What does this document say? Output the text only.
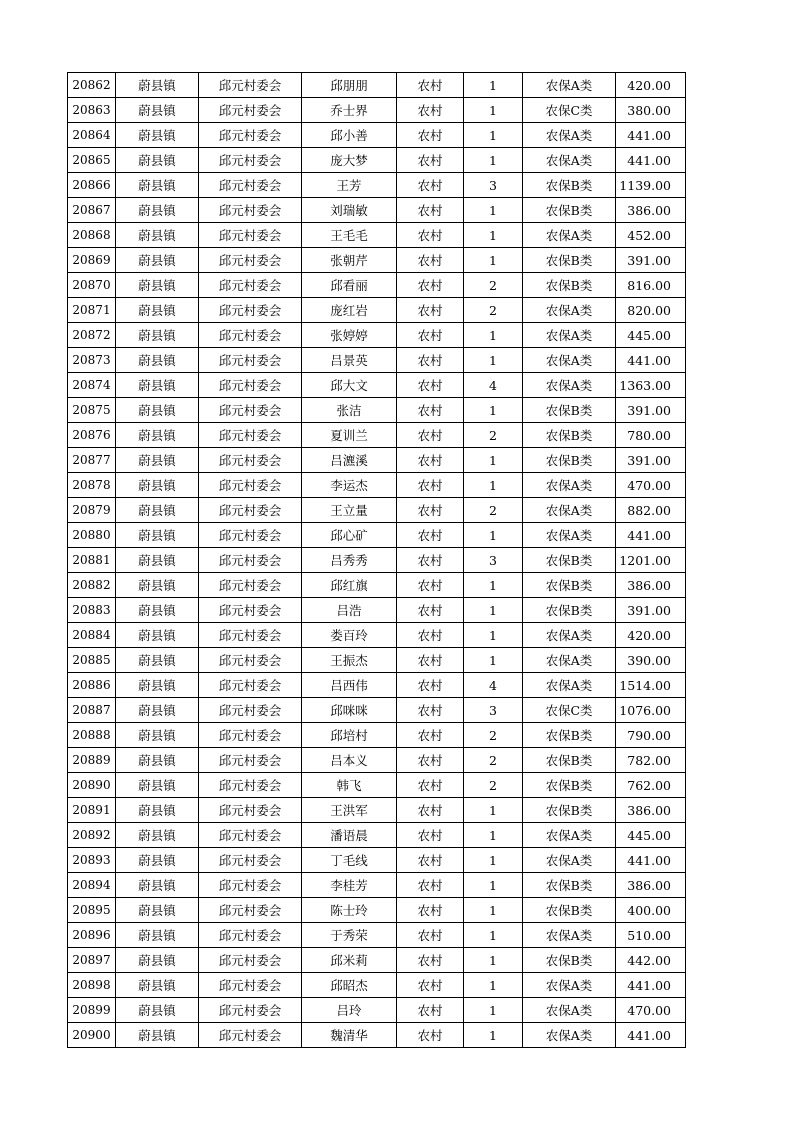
20862	蔚县镇	邱元村委会	邱朋朋	农村	1	农保A类	420.00
20863	蔚县镇	邱元村委会	乔士界	农村	1	农保C类	380.00
20864	蔚县镇	邱元村委会	邱小善	农村	1	农保A类	441.00
20865	蔚县镇	邱元村委会	庞大梦	农村	1	农保A类	441.00
20866	蔚县镇	邱元村委会	王芳	农村	3	农保B类	1139.00
20867	蔚县镇	邱元村委会	刘瑞敏	农村	1	农保B类	386.00
20868	蔚县镇	邱元村委会	王毛毛	农村	1	农保A类	452.00
20869	蔚县镇	邱元村委会	张朝芹	农村	1	农保B类	391.00
20870	蔚县镇	邱元村委会	邱看丽	农村	2	农保B类	816.00
20871	蔚县镇	邱元村委会	庞红岩	农村	2	农保A类	820.00
20872	蔚县镇	邱元村委会	张婷婷	农村	1	农保A类	445.00
20873	蔚县镇	邱元村委会	吕景英	农村	1	农保A类	441.00
20874	蔚县镇	邱元村委会	邱大文	农村	4	农保A类	1363.00
20875	蔚县镇	邱元村委会	张洁	农村	1	农保B类	391.00
20876	蔚县镇	邱元村委会	夏训兰	农村	2	农保B类	780.00
20877	蔚县镇	邱元村委会	吕瀌溪	农村	1	农保B类	391.00
20878	蔚县镇	邱元村委会	李运杰	农村	1	农保A类	470.00
20879	蔚县镇	邱元村委会	王立量	农村	2	农保A类	882.00
20880	蔚县镇	邱元村委会	邱心矿	农村	1	农保A类	441.00
20881	蔚县镇	邱元村委会	吕秀秀	农村	3	农保B类	1201.00
20882	蔚县镇	邱元村委会	邱红旗	农村	1	农保B类	386.00
20883	蔚县镇	邱元村委会	吕浩	农村	1	农保B类	391.00
20884	蔚县镇	邱元村委会	娄百玲	农村	1	农保A类	420.00
20885	蔚县镇	邱元村委会	王振杰	农村	1	农保A类	390.00
20886	蔚县镇	邱元村委会	吕西伟	农村	4	农保A类	1514.00
20887	蔚县镇	邱元村委会	邱咪咪	农村	3	农保C类	1076.00
20888	蔚县镇	邱元村委会	邱培村	农村	2	农保B类	790.00
20889	蔚县镇	邱元村委会	吕本义	农村	2	农保B类	782.00
20890	蔚县镇	邱元村委会	韩飞	农村	2	农保B类	762.00
20891	蔚县镇	邱元村委会	王洪军	农村	1	农保B类	386.00
20892	蔚县镇	邱元村委会	潘语晨	农村	1	农保A类	445.00
20893	蔚县镇	邱元村委会	丁毛线	农村	1	农保A类	441.00
20894	蔚县镇	邱元村委会	李桂芳	农村	1	农保B类	386.00
20895	蔚县镇	邱元村委会	陈士玲	农村	1	农保B类	400.00
20896	蔚县镇	邱元村委会	于秀荣	农村	1	农保A类	510.00
20897	蔚县镇	邱元村委会	邱米莉	农村	1	农保B类	442.00
20898	蔚县镇	邱元村委会	邱昭杰	农村	1	农保A类	441.00
20899	蔚县镇	邱元村委会	吕玲	农村	1	农保A类	470.00
20900	蔚县镇	邱元村委会	魏清华	农村	1	农保A类	441.00
